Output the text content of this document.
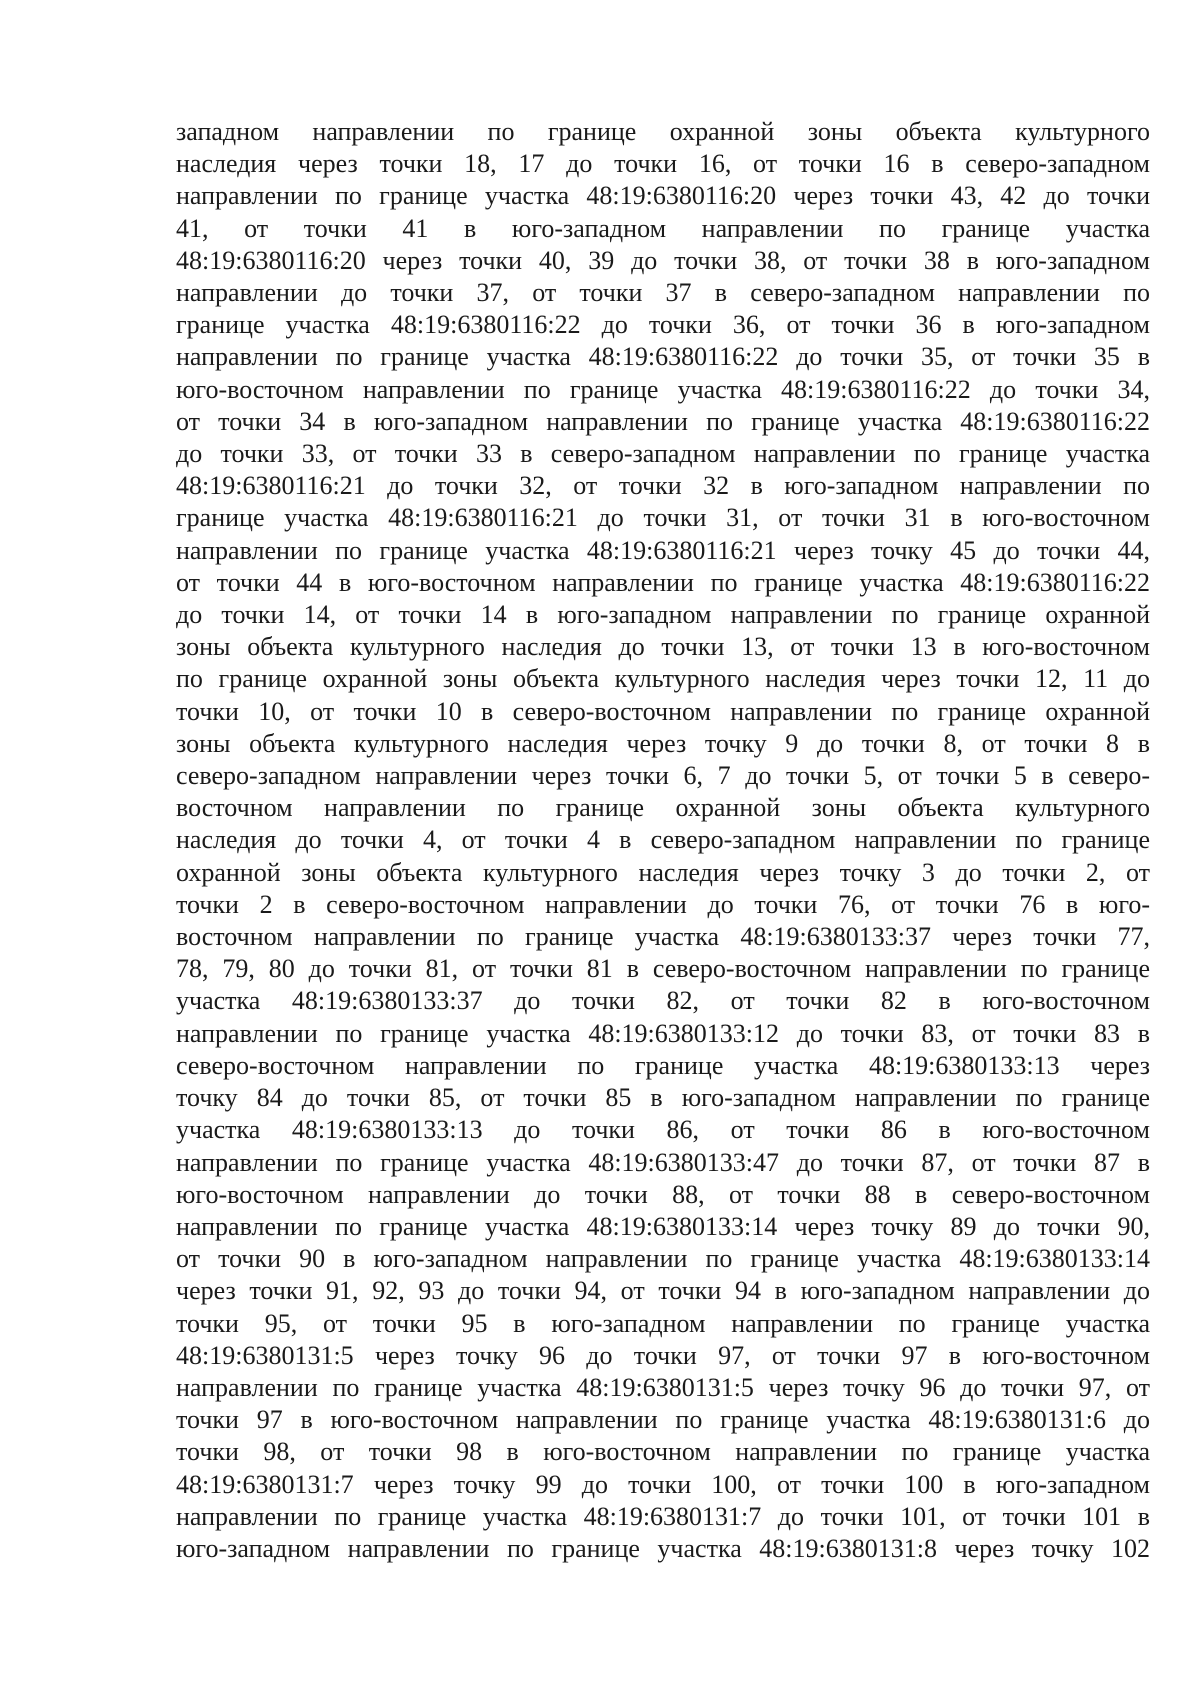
западном направлении по границе охранной зоны объекта культурного
наследия через точки 18, 17 до точки 16, от точки 16 в северо-западном
направлении по границе участка 48:19:6380116:20 через точки 43, 42 до точки
41, от точки 41 в юго-западном направлении по границе участка
48:19:6380116:20 через точки 40, 39 до точки 38, от точки 38 в юго-западном
направлении до точки 37, от точки 37 в северо-западном направлении по
границе участка 48:19:6380116:22 до точки 36, от точки 36 в юго-западном
направлении по границе участка 48:19:6380116:22 до точки 35, от точки 35 в
юго-восточном направлении по границе участка 48:19:6380116:22 до точки 34,
от точки 34 в юго-западном направлении по границе участка 48:19:6380116:22
до точки 33, от точки 33 в северо-западном направлении по границе участка
48:19:6380116:21 до точки 32, от точки 32 в юго-западном направлении по
границе участка 48:19:6380116:21 до точки 31, от точки 31 в юго-восточном
направлении по границе участка 48:19:6380116:21 через точку 45 до точки 44,
от точки 44 в юго-восточном направлении по границе участка 48:19:6380116:22
до точки 14, от точки 14 в юго-западном направлении по границе охранной
зоны объекта культурного наследия до точки 13, от точки 13 в юго-восточном
по границе охранной зоны объекта культурного наследия через точки 12, 11 до
точки 10, от точки 10 в северо-восточном направлении по границе охранной
зоны объекта культурного наследия через точку 9 до точки 8, от точки 8 в
северо-западном направлении через точки 6, 7 до точки 5, от точки 5 в северо-
восточном направлении по границе охранной зоны объекта культурного
наследия до точки 4, от точки 4 в северо-западном направлении по границе
охранной зоны объекта культурного наследия через точку 3 до точки 2, от
точки 2 в северо-восточном направлении до точки 76, от точки 76 в юго-
восточном направлении по границе участка 48:19:6380133:37 через точки 77,
78, 79, 80 до точки 81, от точки 81 в северо-восточном направлении по границе
участка 48:19:6380133:37 до точки 82, от точки 82 в юго-восточном
направлении по границе участка 48:19:6380133:12 до точки 83, от точки 83 в
северо-восточном направлении по границе участка 48:19:6380133:13 через
точку 84 до точки 85, от точки 85 в юго-западном направлении по границе
участка 48:19:6380133:13 до точки 86, от точки 86 в юго-восточном
направлении по границе участка 48:19:6380133:47 до точки 87, от точки 87 в
юго-восточном направлении до точки 88, от точки 88 в северо-восточном
направлении по границе участка 48:19:6380133:14 через точку 89 до точки 90,
от точки 90 в юго-западном направлении по границе участка 48:19:6380133:14
через точки 91, 92, 93 до точки 94, от точки 94 в юго-западном направлении до
точки 95, от точки 95 в юго-западном направлении по границе участка
48:19:6380131:5 через точку 96 до точки 97, от точки 97 в юго-восточном
направлении по границе участка 48:19:6380131:5 через точку 96 до точки 97, от
точки 97 в юго-восточном направлении по границе участка 48:19:6380131:6 до
точки 98, от точки 98 в юго-восточном направлении по границе участка
48:19:6380131:7 через точку 99 до точки 100, от точки 100 в юго-западном
направлении по границе участка 48:19:6380131:7 до точки 101, от точки 101 в
юго-западном направлении по границе участка 48:19:6380131:8 через точку 102
